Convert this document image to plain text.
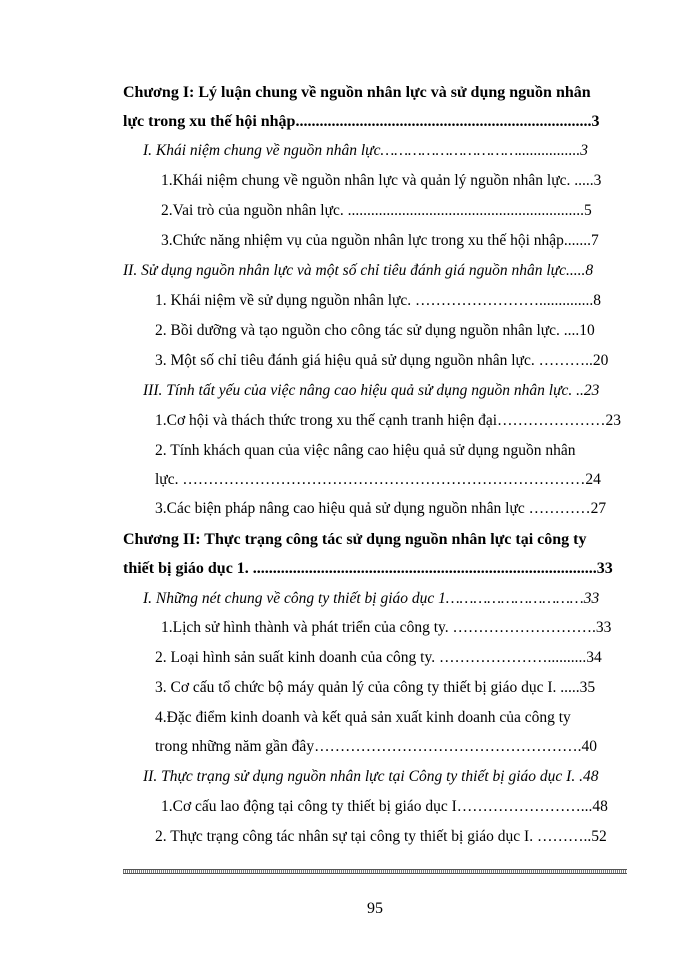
Chương I: Lý luận chung về nguồn nhân lực và sử dụng nguồn nhân
lực trong xu thế hội nhập..........................................................................3
I. Khái niệm chung về nguồn nhân lực…………………………................3
1.Khái niệm chung về nguồn nhân lực và quản lý nguồn nhân lực. .....3
2.Vai trò của nguồn nhân lực. .............................................................5
3.Chức năng nhiệm vụ của nguồn nhân lực trong xu thế hội nhập.......7
II. Sử dụng nguồn nhân lực và một số chỉ tiêu đánh giá nguồn nhân lực.....8
1. Khái niệm về sử dụng nguồn nhân lực. ……………………..............8
2. Bồi dưỡng và tạo nguồn cho công tác sử dụng nguồn nhân lực. ....10
3. Một số chỉ tiêu đánh giá hiệu quả sử dụng nguồn nhân lực. ………..20
III. Tính tất yếu của việc nâng cao hiệu quả sử dụng nguồn nhân lực. ..23
1.Cơ hội và thách thức trong xu thế cạnh tranh hiện đại…………………23
2. Tính khách quan của việc nâng cao hiệu quả sử dụng nguồn nhân
lực. ……………………………………………………………………24
3.Các biện pháp nâng cao hiệu quả sử dụng nguồn nhân lực …………27
Chương II: Thực trạng công tác sử dụng nguồn nhân lực tại công ty
thiết bị giáo dục 1. ......................................................................................33
I. Những nét chung về công ty thiết bị giáo dục 1…………………………33
1.Lịch sử hình thành và phát triển của công ty. ……………………….33
2. Loại hình sản suất kinh doanh của công ty. …………………..........34
3. Cơ cấu tổ chức bộ máy quản lý của công ty thiết bị giáo dục I. .....35
4.Đặc điểm kinh doanh và kết quả sản xuất kinh doanh của công ty
trong những năm gần đây…………………………………………….40
II. Thực trạng sử dụng nguồn nhân lực tại Công ty thiết bị giáo dục I. .48
1.Cơ cấu lao động tại công ty thiết bị giáo dục I……………………...48
2. Thực trạng công tác nhân sự tại công ty thiết bị giáo dục I. ………..52
95
